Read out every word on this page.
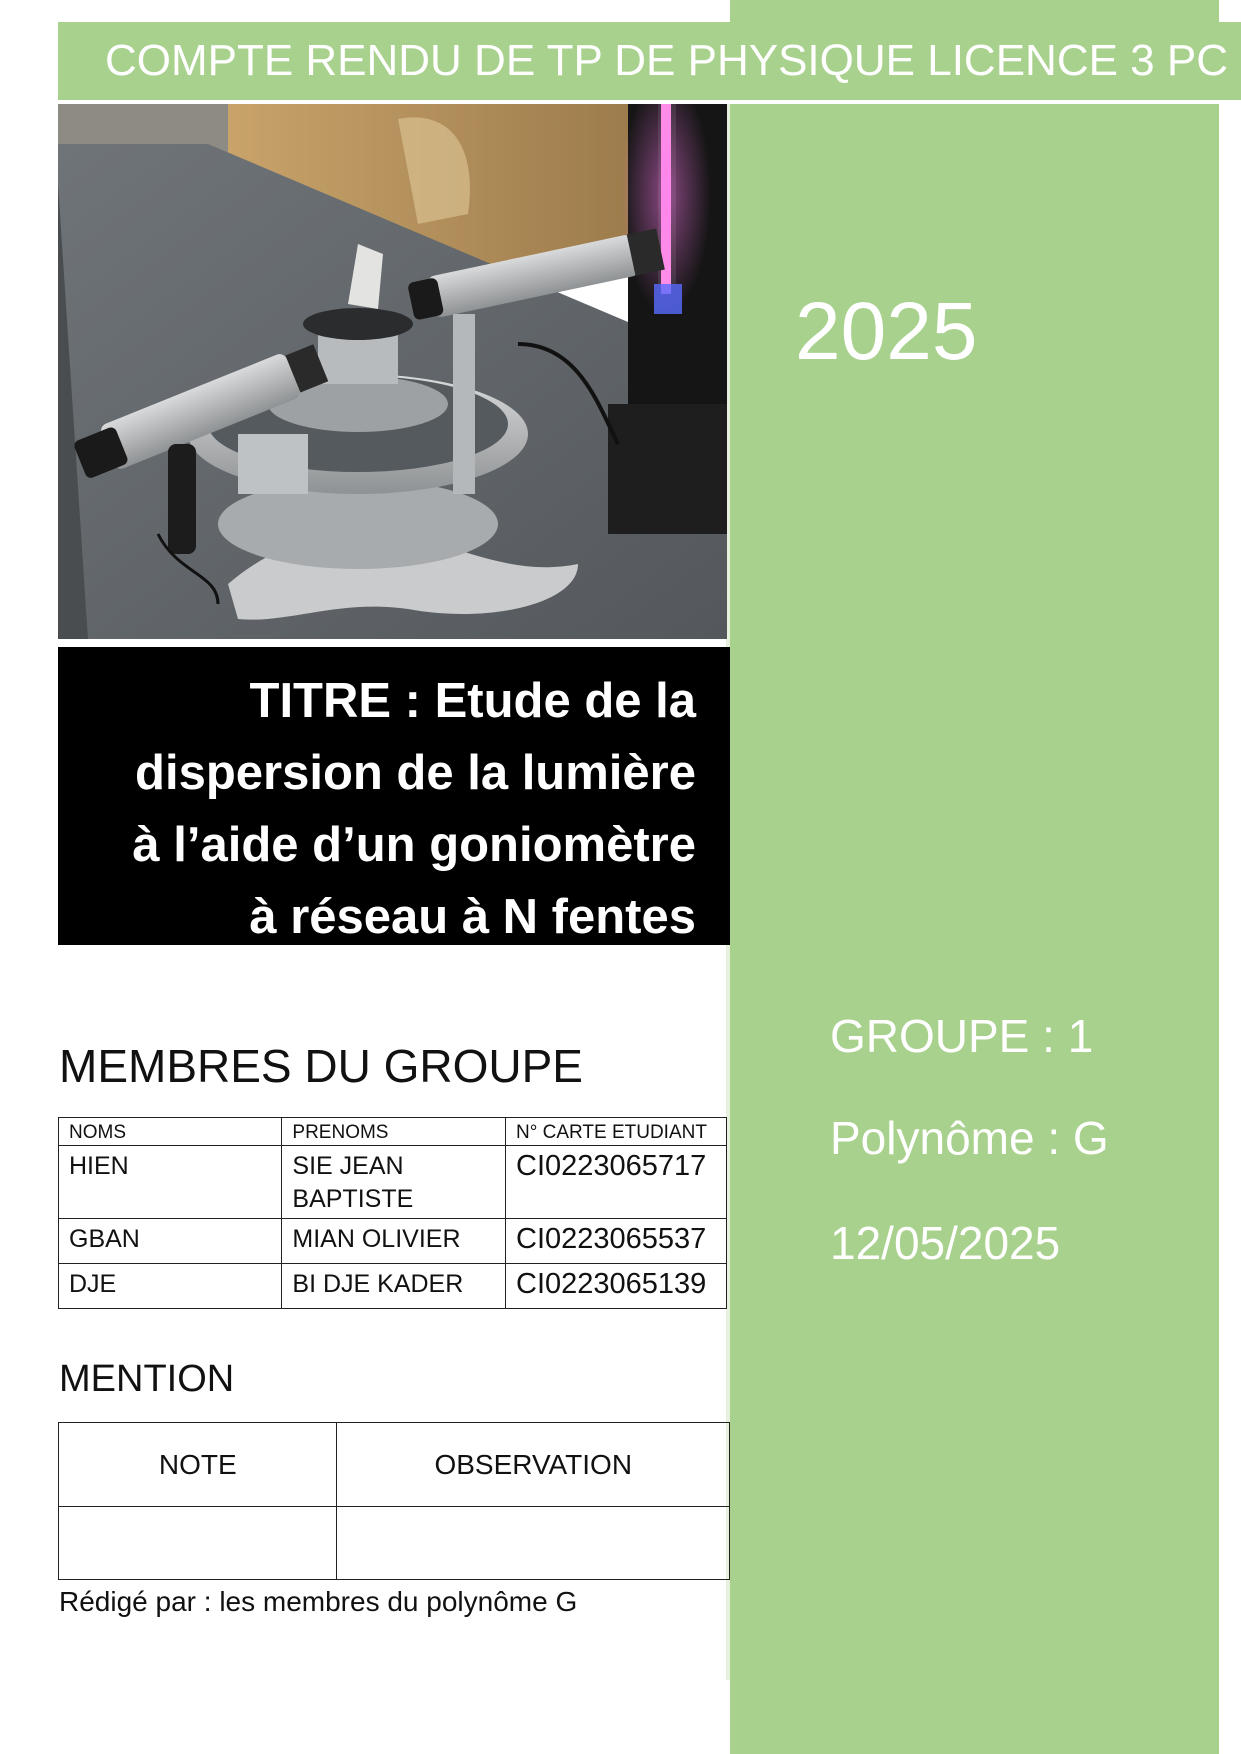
COMPTE RENDU DE TP DE PHYSIQUE LICENCE 3 PC
TITRE : Etude de la
dispersion de la lumière
à l’aide d’un goniomètre
à réseau à N fentes
2025
GROUPE : 1
Polynôme : G
12/05/2025
MEMBRES DU GROUPE
NOMS	PRENOMS	N° CARTE ETUDIANT
HIEN	SIE JEAN BAPTISTE	CI0223065717
GBAN	MIAN OLIVIER	CI0223065537
DJE	BI DJE KADER	CI0223065139
MENTION
NOTE	OBSERVATION

Rédigé par : les membres du polynôme G
